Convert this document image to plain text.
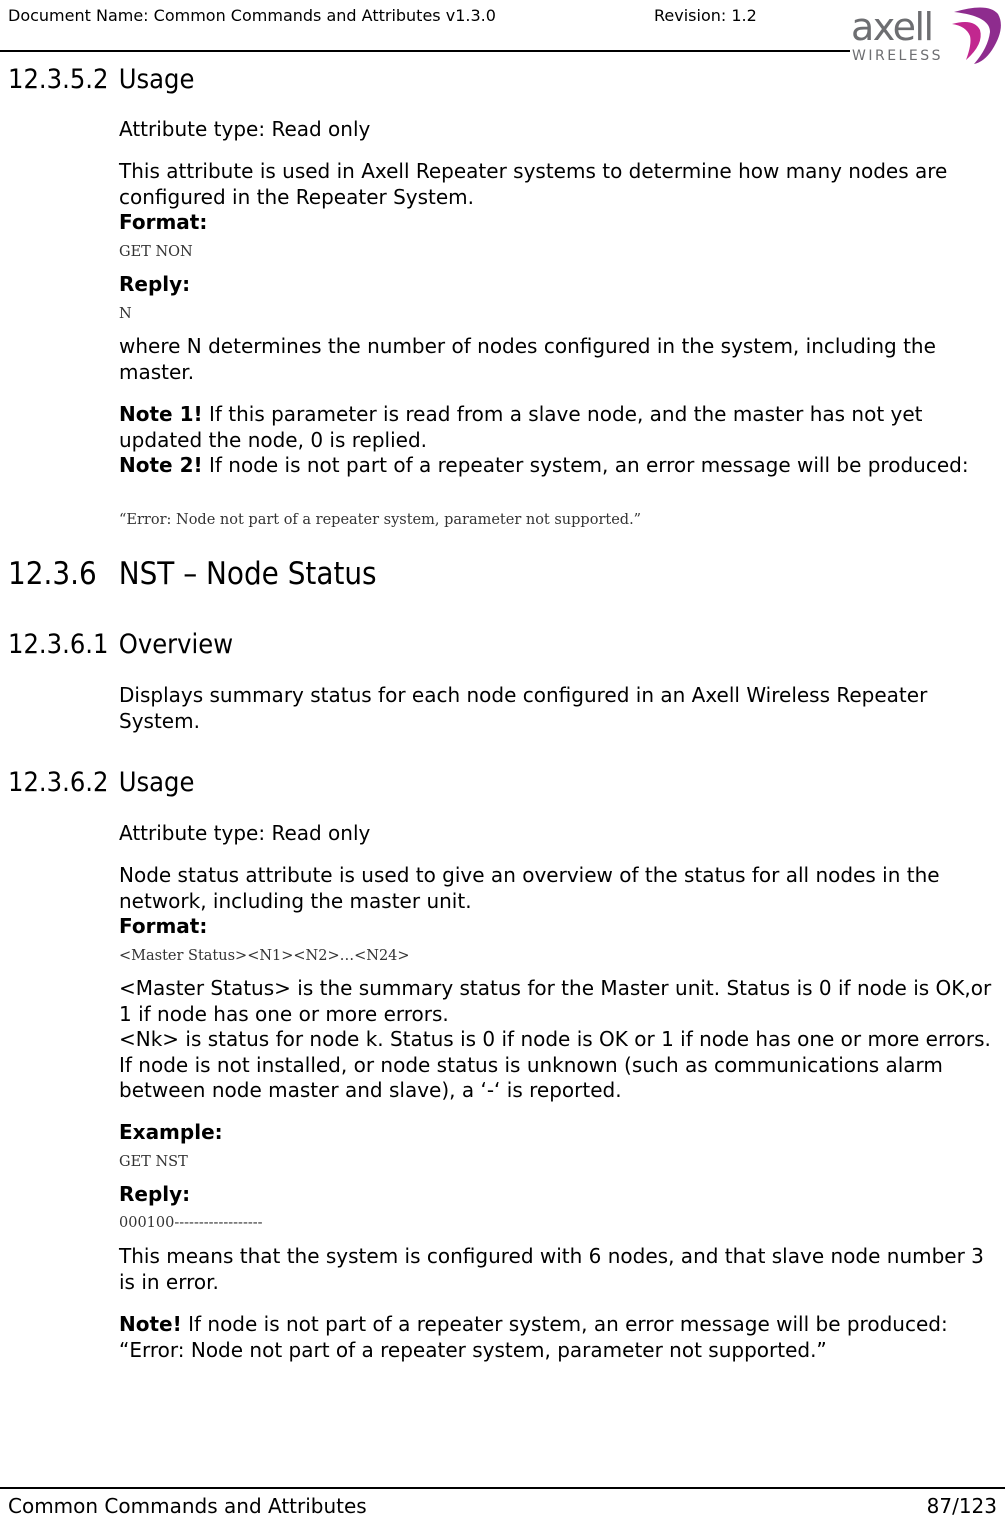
Document Name: Common Commands and Attributes v1.3.0	Revision: 1.2 axell
WIRELESS
12.3.5.2 Usage

Attribute type: Read only

This attribute is used in Axell Repeater systems to determine how many nodes are configured in the Repeater System.

Format:

GET NON

Reply:

N

where N determines the number of nodes configured in the system, including the master.

Note 1! If this parameter is read from a slave node, and the master has not yet updated the node, 0 is replied.

Note 2! If node is not part of a repeater system, an error message will be produced:

“Error: Node not part of a repeater system, parameter not supported.”

12.3.6 NST – Node Status
12.3.6.1 Overview

Displays summary status for each node configured in an Axell Wireless Repeater System.

12.3.6.2 Usage

Attribute type: Read only

Node status attribute is used to give an overview of the status for all nodes in the network, including the master unit.

Format:

<Master Status><N1><N2>…<N24>

<Master Status> is the summary status for the Master unit. Status is 0 if node is OK,or 1 if node has one or more errors.

<Nk> is status for node k. Status is 0 if node is OK or 1 if node has one or more errors. If node is not installed, or node status is unknown (such as communications alarm between node master and slave), a ‘-‘ is reported.

Example:

GET NST

Reply:

000100------------------

This means that the system is configured with 6 nodes, and that slave node number 3 is in error.

Note! If node is not part of a repeater system, an error message will be produced:

“Error: Node not part of a repeater system, parameter not supported.”

Common Commands and Attributes	87/123
